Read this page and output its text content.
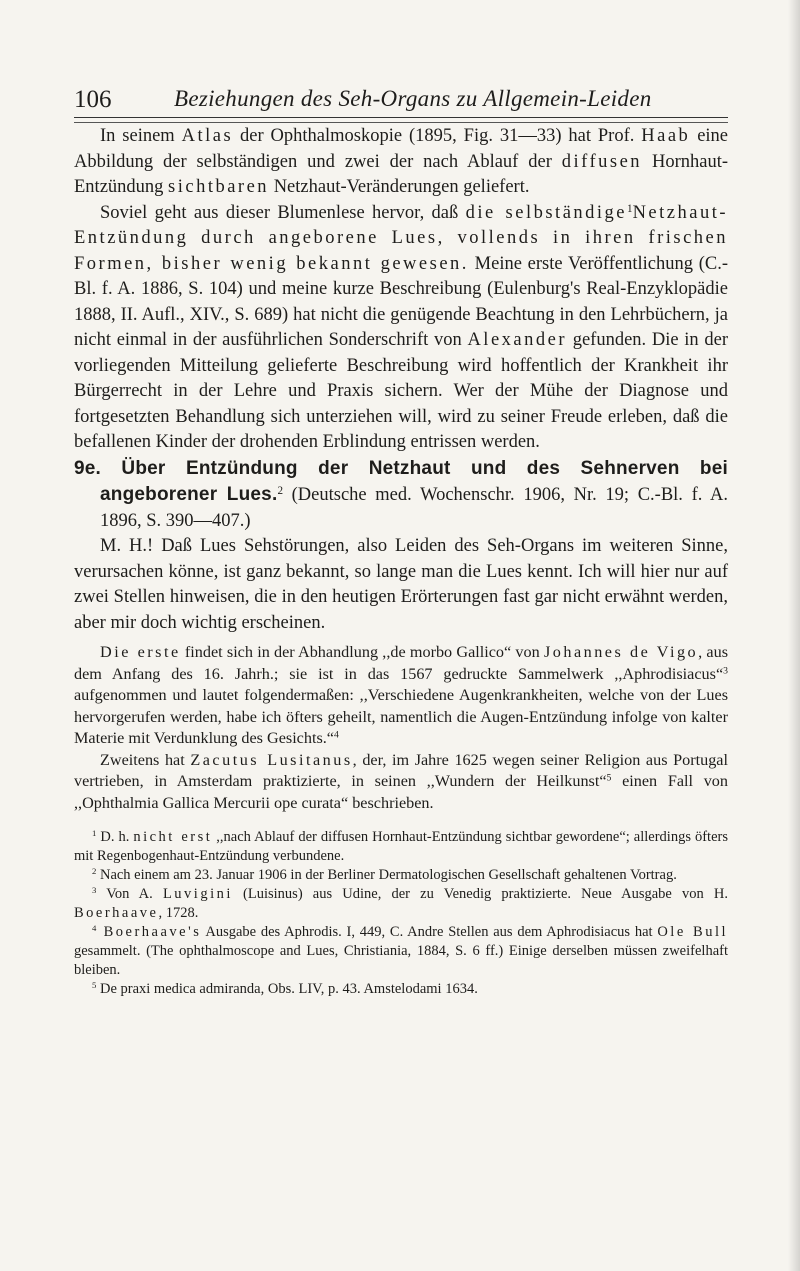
106	Beziehungen des Seh-Organs zu Allgemein-Leiden

In seinem Atlas der Ophthalmoskopie (1895, Fig. 31—33) hat Prof. Haab eine Abbildung der selbständigen und zwei der nach Ablauf der diffusen Hornhaut-Entzündung sichtbaren Netzhaut-Veränderungen geliefert.

Soviel geht aus dieser Blumenlese hervor, daß die selbständige$^1$Netzhaut-Entzündung durch angeborene Lues, vollends in ihren frischen Formen, bisher wenig bekannt gewesen. Meine erste Veröffentlichung (C.-Bl. f. A. 1886, S. 104) und meine kurze Beschreibung (Eulenburg's Real-Enzyklopädie 1888, II. Aufl., XIV., S. 689) hat nicht die genügende Beachtung in den Lehrbüchern, ja nicht einmal in der ausführlichen Sonderschrift von Alexander gefunden. Die in der vorliegenden Mitteilung gelieferte Beschreibung wird hoffentlich der Krankheit ihr Bürgerrecht in der Lehre und Praxis sichern. Wer der Mühe der Diagnose und fortgesetzten Behandlung sich unterziehen will, wird zu seiner Freude erleben, daß die befallenen Kinder der drohenden Erblindung entrissen werden.

9e. Über Entzündung der Netzhaut und des Sehnerven bei angeborener Lues.$^2$ (Deutsche med. Wochenschr. 1906, Nr. 19; C.-Bl. f. A. 1896, S. 390—407.)

M. H.! Daß Lues Sehstörungen, also Leiden des Seh-Organs im weiteren Sinne, verursachen könne, ist ganz bekannt, so lange man die Lues kennt. Ich will hier nur auf zwei Stellen hinweisen, die in den heutigen Erörterungen fast gar nicht erwähnt werden, aber mir doch wichtig erscheinen.

Die erste findet sich in der Abhandlung ,,de morbo Gallico“ von Johannes de Vigo, aus dem Anfang des 16. Jahrh.; sie ist in das 1567 gedruckte Sammelwerk ,,Aphrodisiacus“$^3$ aufgenommen und lautet folgendermaßen: ,,Verschiedene Augenkrankheiten, welche von der Lues hervorgerufen werden, habe ich öfters geheilt, namentlich die Augen-Entzündung infolge von kalter Materie mit Verdunklung des Gesichts.“$^4$

Zweitens hat Zacutus Lusitanus, der, im Jahre 1625 wegen seiner Religion aus Portugal vertrieben, in Amsterdam praktizierte, in seinen ,,Wundern der Heilkunst“$^5$ einen Fall von ,,Ophthalmia Gallica Mercurii ope curata“ beschrieben.

$^1$ D. h. nicht erst ,,nach Ablauf der diffusen Hornhaut-Entzündung sichtbar gewordene“; allerdings öfters mit Regenbogenhaut-Entzündung verbundene.

$^2$ Nach einem am 23. Januar 1906 in der Berliner Dermatologischen Gesellschaft gehaltenen Vortrag.

$^3$ Von A. Luvigini (Luisinus) aus Udine, der zu Venedig praktizierte. Neue Ausgabe von H. Boerhaave, 1728.

$^4$ Boerhaave's Ausgabe des Aphrodis. I, 449, C. Andre Stellen aus dem Aphrodisiacus hat Ole Bull gesammelt. (The ophthalmoscope and Lues, Christiania, 1884, S. 6 ff.) Einige derselben müssen zweifelhaft bleiben.

$^5$ De praxi medica admiranda, Obs. LIV, p. 43. Amstelodami 1634.
